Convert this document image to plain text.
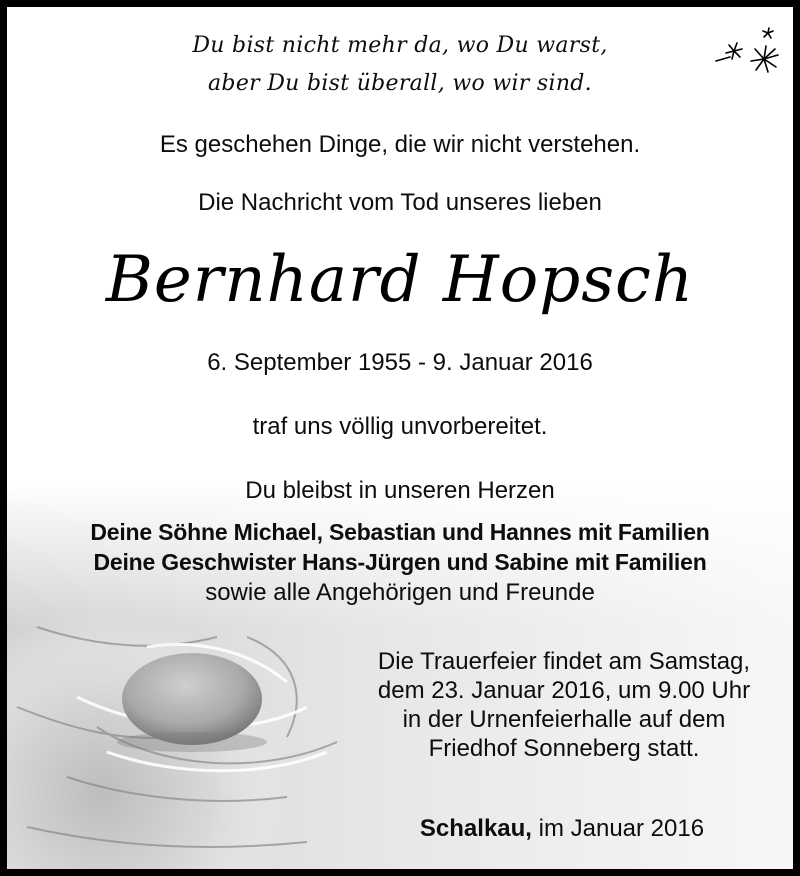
Du bist nicht mehr da, wo Du warst,
aber Du bist überall, wo wir sind.
Es geschehen Dinge, die wir nicht verstehen.
Die Nachricht vom Tod unseres lieben
Bernhard Hopsch
6. September 1955 - 9. Januar 2016
traf uns völlig unvorbereitet.
Du bleibst in unseren Herzen
Deine Söhne Michael, Sebastian und Hannes mit Familien
Deine Geschwister Hans-Jürgen und Sabine mit Familien
sowie alle Angehörigen und Freunde
Die Trauerfeier findet am Samstag,
dem 23. Januar 2016, um 9.00 Uhr
in der Urnenfeierhalle auf dem
Friedhof Sonneberg statt.
Schalkau, im Januar 2016
